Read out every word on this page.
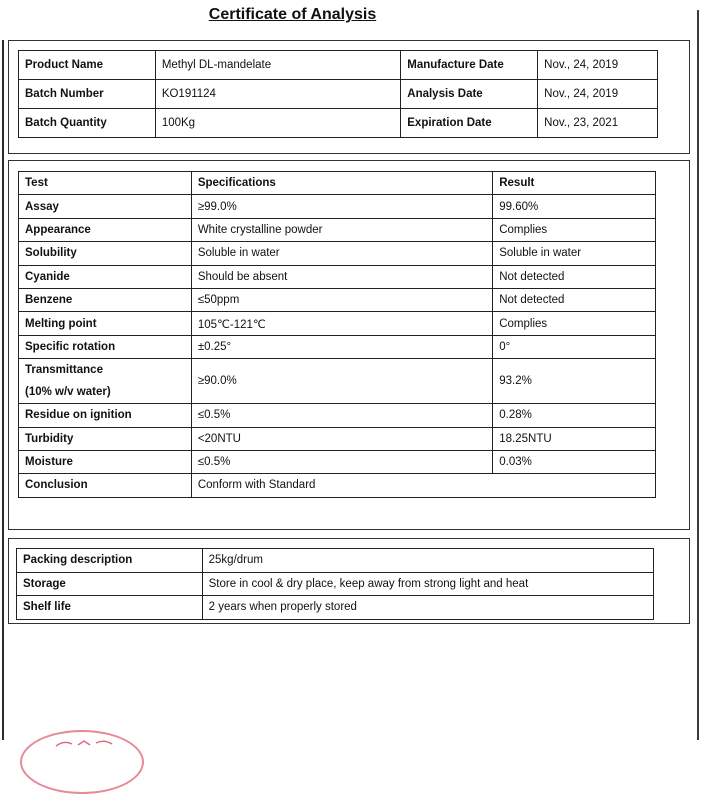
Certificate of Analysis
Product Name	Methyl DL-mandelate	Manufacture Date	Nov., 24, 2019
Batch Number	KO191124	Analysis Date	Nov., 24, 2019
Batch Quantity	100Kg	Expiration Date	Nov., 23, 2021
Test	Specifications	Result
Assay	≥99.0%	99.60%
Appearance	White crystalline powder	Complies
Solubility	Soluble in water	Soluble in water
Cyanide	Should be absent	Not detected
Benzene	≤50ppm	Not detected
Melting point	105℃-121℃	Complies
Specific rotation	±0.25°	0°

Transmittance
(10% w/v water)	≥90.0%	93.2%
Residue on ignition	≤0.5%	0.28%
Turbidity	<20NTU	18.25NTU
Moisture	≤0.5%	0.03%
Conclusion	Conform with Standard	
Packing description	25kg/drum
Storage	Store in cool & dry place, keep away from strong light and heat
Shelf life	2 years when properly stored
